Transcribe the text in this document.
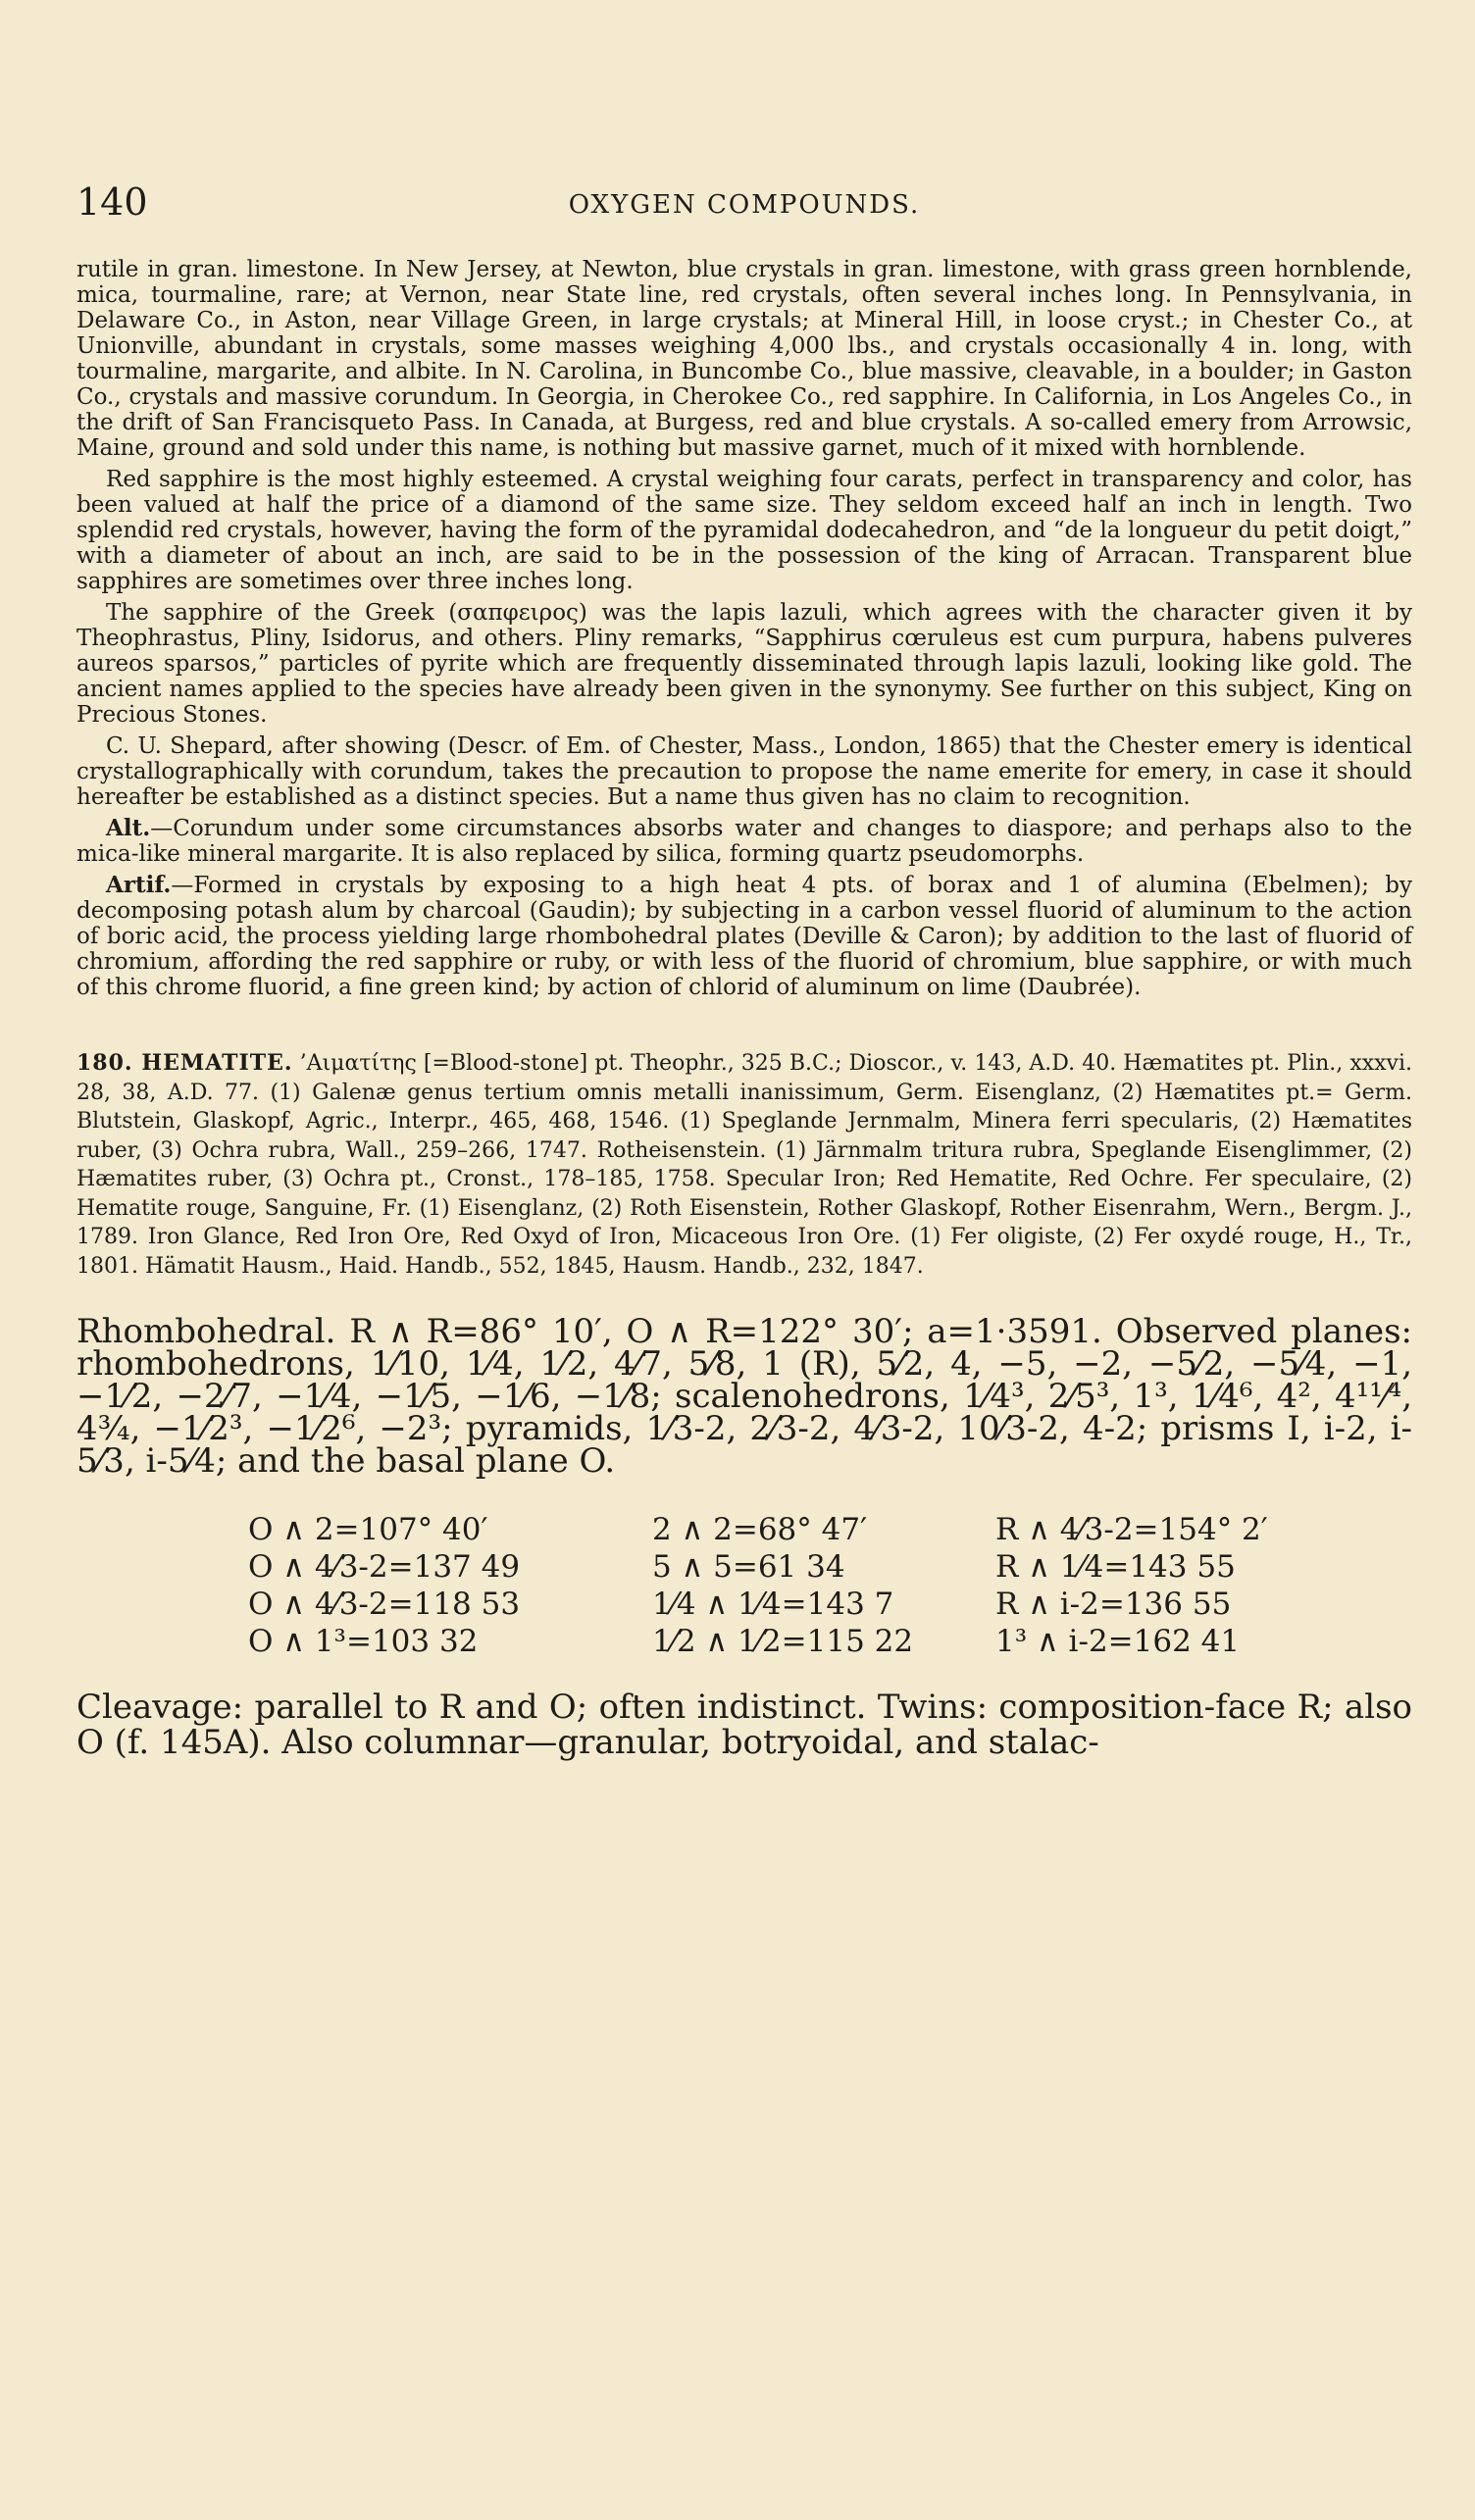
140	OXYGEN COMPOUNDS.

rutile in gran. limestone. In New Jersey, at Newton, blue crystals in gran. limestone, with grass green hornblende, mica, tourmaline, rare; at Vernon, near State line, red crystals, often several inches long. In Pennsylvania, in Delaware Co., in Aston, near Village Green, in large crystals; at Mineral Hill, in loose cryst.; in Chester Co., at Unionville, abundant in crystals, some masses weighing 4,000 lbs., and crystals occasionally 4 in. long, with tourmaline, margarite, and albite. In N. Carolina, in Buncombe Co., blue massive, cleavable, in a boulder; in Gaston Co., crystals and massive corundum. In Georgia, in Cherokee Co., red sapphire. In California, in Los Angeles Co., in the drift of San Francisqueto Pass. In Canada, at Burgess, red and blue crystals. A so-called emery from Arrowsic, Maine, ground and sold under this name, is nothing but massive garnet, much of it mixed with hornblende.

Red sapphire is the most highly esteemed. A crystal weighing four carats, perfect in transparency and color, has been valued at half the price of a diamond of the same size. They seldom exceed half an inch in length. Two splendid red crystals, however, having the form of the pyramidal dodecahedron, and “de la longueur du petit doigt,” with a diameter of about an inch, are said to be in the possession of the king of Arracan. Transparent blue sapphires are sometimes over three inches long.

The sapphire of the Greek (σαπφειρος) was the lapis lazuli, which agrees with the character given it by Theophrastus, Pliny, Isidorus, and others. Pliny remarks, “Sapphirus cœruleus est cum purpura, habens pulveres aureos sparsos,” particles of pyrite which are frequently disseminated through lapis lazuli, looking like gold. The ancient names applied to the species have already been given in the synonymy. See further on this subject, King on Precious Stones.

C. U. Shepard, after showing (Descr. of Em. of Chester, Mass., London, 1865) that the Chester emery is identical crystallographically with corundum, takes the precaution to propose the name emerite for emery, in case it should hereafter be established as a distinct species. But a name thus given has no claim to recognition.

Alt.—Corundum under some circumstances absorbs water and changes to diaspore; and perhaps also to the mica-like mineral margarite. It is also replaced by silica, forming quartz pseudomorphs.

Artif.—Formed in crystals by exposing to a high heat 4 pts. of borax and 1 of alumina (Ebelmen); by decomposing potash alum by charcoal (Gaudin); by subjecting in a carbon vessel fluorid of aluminum to the action of boric acid, the process yielding large rhombohedral plates (Deville & Caron); by addition to the last of fluorid of chromium, affording the red sapphire or ruby, or with less of the fluorid of chromium, blue sapphire, or with much of this chrome fluorid, a fine green kind; by action of chlorid of aluminum on lime (Daubrée).

180. HEMATITE. ’Αιματίτης [=Blood-stone] pt. Theophr., 325 B.C.; Dioscor., v. 143, A.D. 40. Hæmatites pt. Plin., xxxvi. 28, 38, A.D. 77. (1) Galenæ genus tertium omnis metalli inanissimum, Germ. Eisenglanz, (2) Hæmatites pt.= Germ. Blutstein, Glaskopf, Agric., Interpr., 465, 468, 1546. (1) Speglande Jernmalm, Minera ferri specularis, (2) Hæmatites ruber, (3) Ochra rubra, Wall., 259–266, 1747. Rotheisenstein. (1) Järnmalm tritura rubra, Speglande Eisenglimmer, (2) Hæmatites ruber, (3) Ochra pt., Cronst., 178–185, 1758. Specular Iron; Red Hematite, Red Ochre. Fer speculaire, (2) Hematite rouge, Sanguine, Fr. (1) Eisenglanz, (2) Roth Eisenstein, Rother Glaskopf, Rother Eisenrahm, Wern., Bergm. J., 1789. Iron Glance, Red Iron Ore, Red Oxyd of Iron, Micaceous Iron Ore. (1) Fer oligiste, (2) Fer oxydé rouge, H., Tr., 1801. Hämatit Hausm., Haid. Handb., 552, 1845, Hausm. Handb., 232, 1847.

Rhombohedral. R ∧ R=86° 10′, O ∧ R=122° 30′; a=1·3591. Observed planes: rhombohedrons, 1⁄10, 1⁄4, 1⁄2, 4⁄7, 5⁄8, 1 (R), 5⁄2, 4, −5, −2, −5⁄2, −5⁄4, −1, −1⁄2, −2⁄7, −1⁄4, −1⁄5, −1⁄6, −1⁄8; scalenohedrons, 1⁄4³, 2⁄5³, 1³, 1⁄4⁶, 4², 4¹¹⁄⁴, 4¾, −1⁄2³, −1⁄2⁶, −2³; pyramids, 1⁄3-2, 2⁄3-2, 4⁄3-2, 10⁄3-2, 4-2; prisms I, i-2, i-5⁄3, i-5⁄4; and the basal plane O.

O ∧ 2=107° 40′	2 ∧ 2=68° 47′	R ∧ 4⁄3-2=154° 2′
O ∧ 4⁄3-2=137 49	5 ∧ 5=61 34	R ∧ 1⁄4=143 55
O ∧ 4⁄3-2=118 53	1⁄4 ∧ 1⁄4=143 7	R ∧ i-2=136 55
O ∧ 1³=103 32	1⁄2 ∧ 1⁄2=115 22	1³ ∧ i-2=162 41

Cleavage: parallel to R and O; often indistinct. Twins: composition-face R; also O (f. 145A). Also columnar—granular, botryoidal, and stalac-
